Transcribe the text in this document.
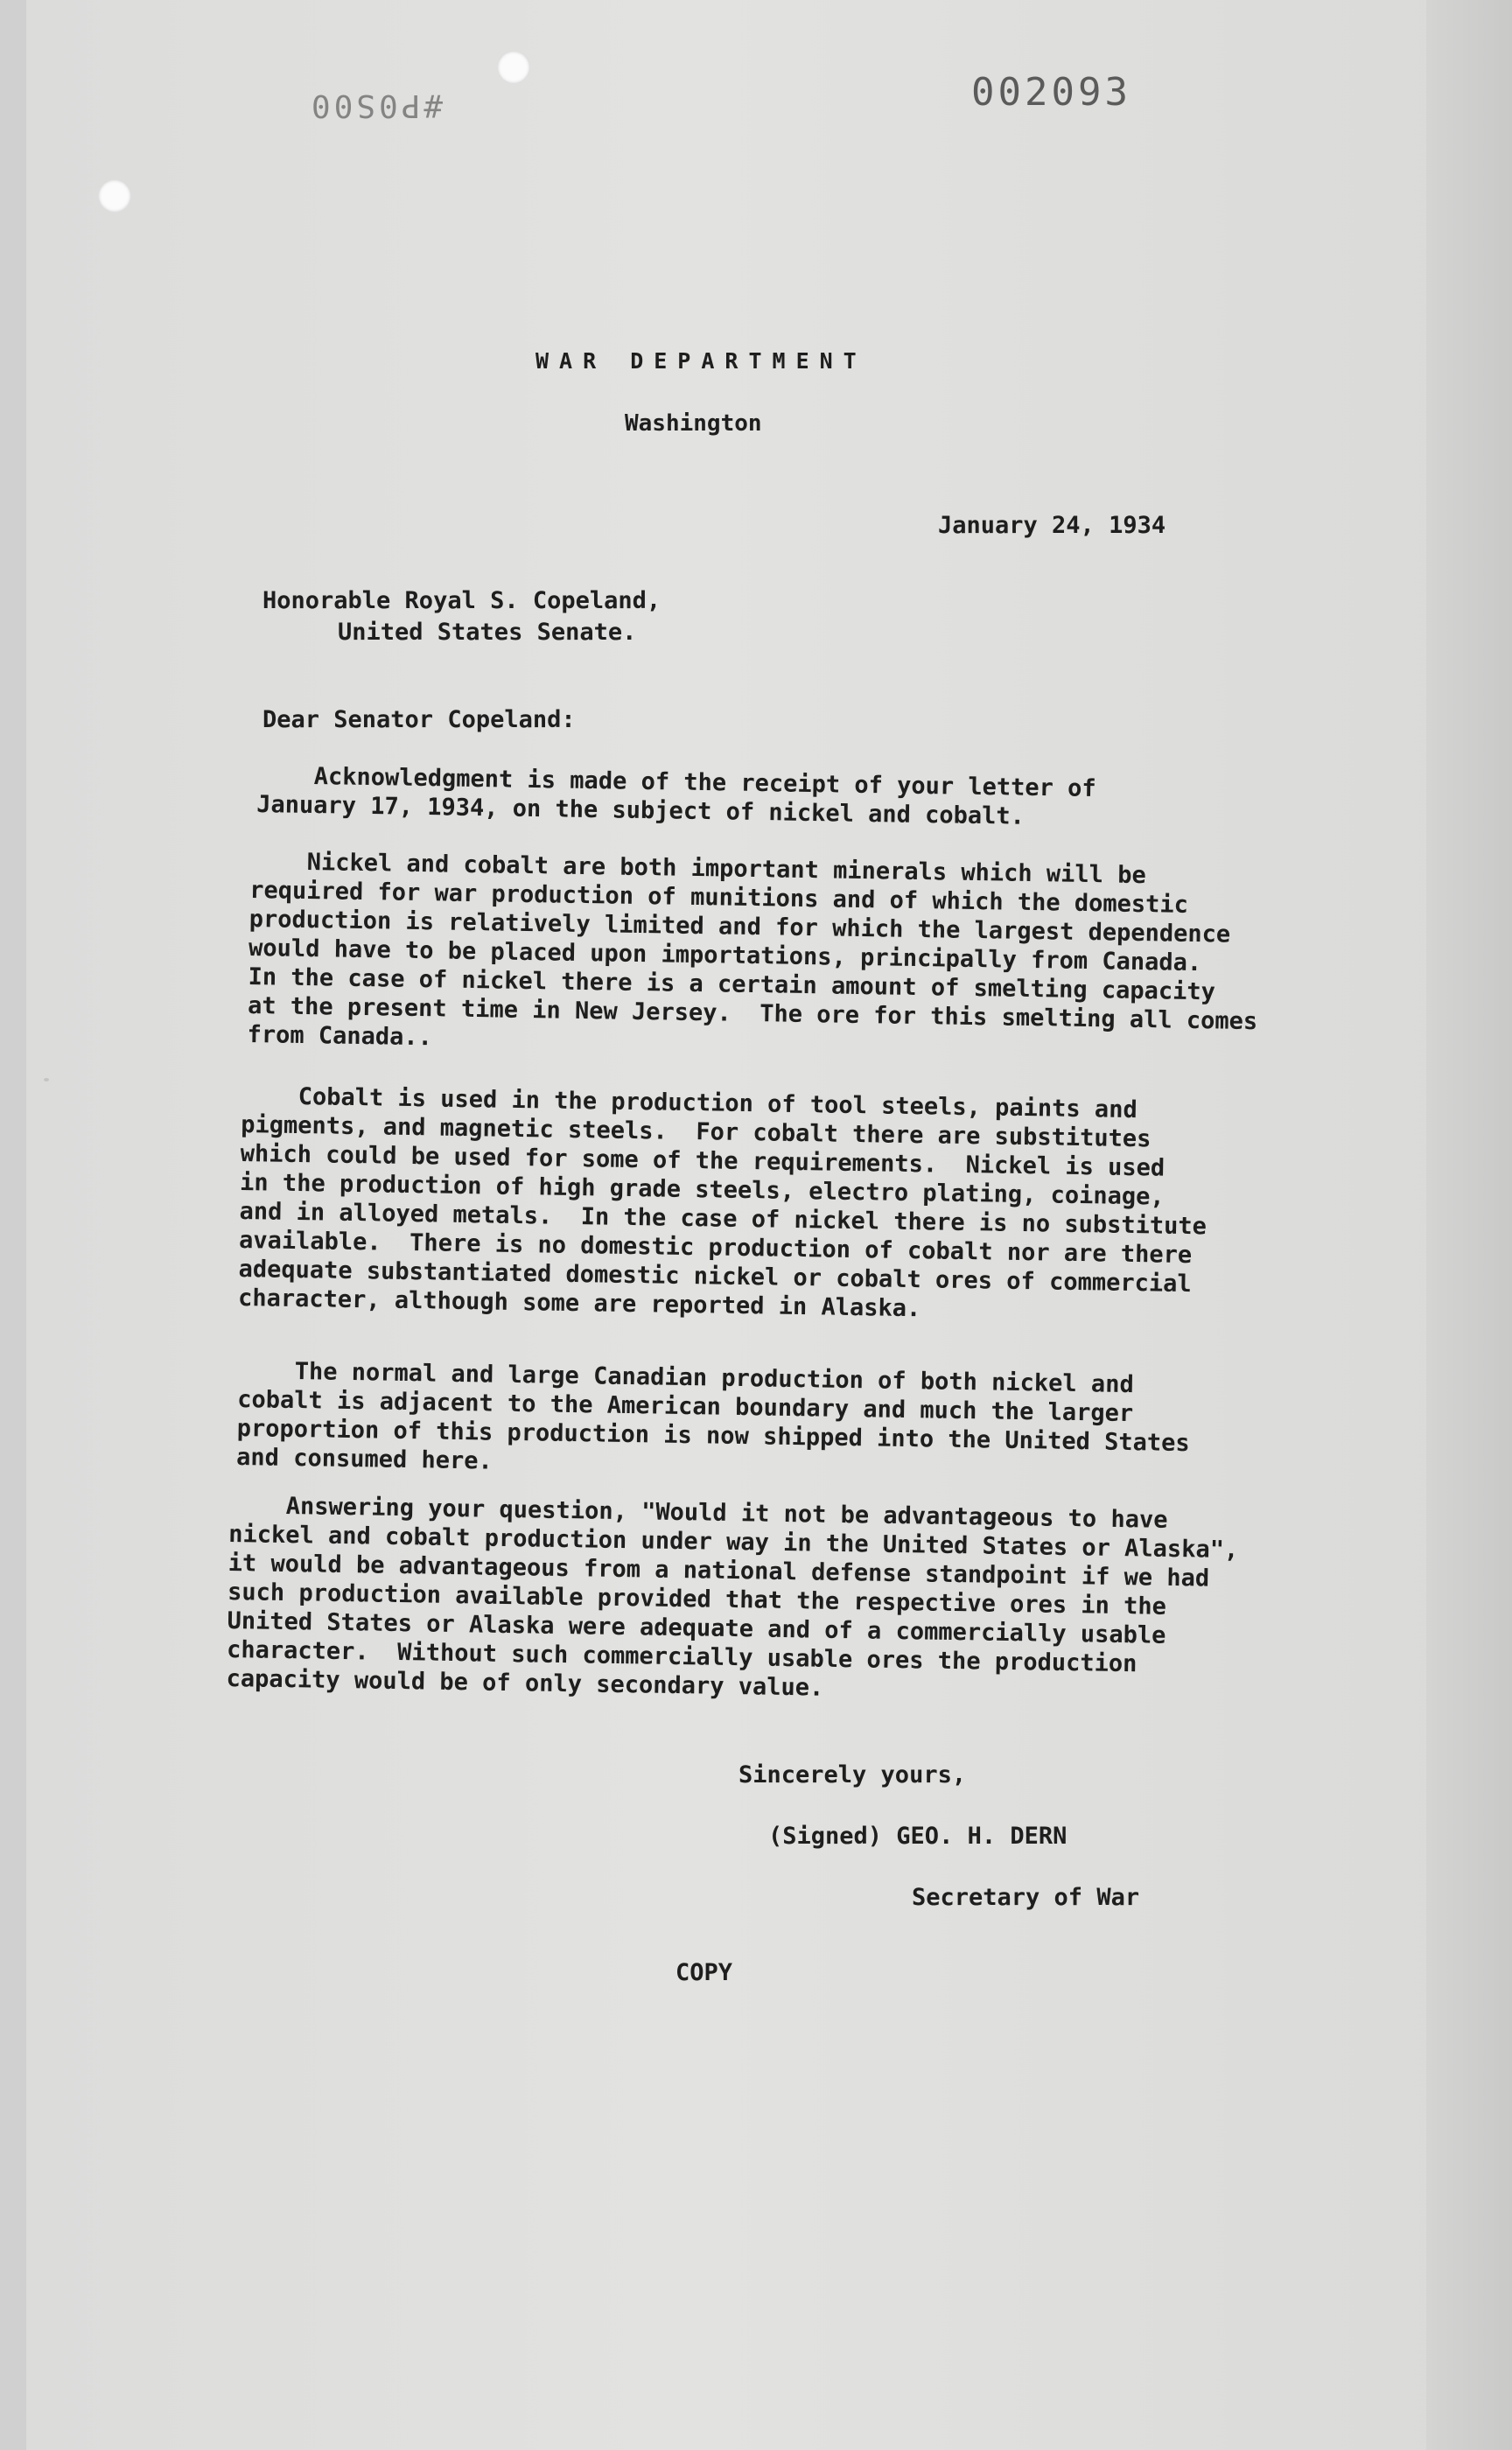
#P0S00	002093

WAR DEPARTMENT

Washington

January 24, 1934

Honorable Royal S. Copeland,

United States Senate.

Dear Senator Copeland:

Acknowledgment is made of the receipt of your letter of
January 17, 1934, on the subject of nickel and cobalt.

Nickel and cobalt are both important minerals which will be
required for war production of munitions and of which the domestic
production is relatively limited and for which the largest dependence
would have to be placed upon importations, principally from Canada.
In the case of nickel there is a certain amount of smelting capacity
at the present time in New Jersey.  The ore for this smelting all comes
from Canada..

Cobalt is used in the production of tool steels, paints and
pigments, and magnetic steels.  For cobalt there are substitutes
which could be used for some of the requirements.  Nickel is used
in the production of high grade steels, electro plating, coinage,
and in alloyed metals.  In the case of nickel there is no substitute
available.  There is no domestic production of cobalt nor are there
adequate substantiated domestic nickel or cobalt ores of commercial
character, although some are reported in Alaska.

The normal and large Canadian production of both nickel and
cobalt is adjacent to the American boundary and much the larger
proportion of this production is now shipped into the United States
and consumed here.

Answering your question, "Would it not be advantageous to have
nickel and cobalt production under way in the United States or Alaska",
it would be advantageous from a national defense standpoint if we had
such production available provided that the respective ores in the
United States or Alaska were adequate and of a commercially usable
character.  Without such commercially usable ores the production
capacity would be of only secondary value.

Sincerely yours,

(Signed) GEO. H. DERN

Secretary of War

COPY
